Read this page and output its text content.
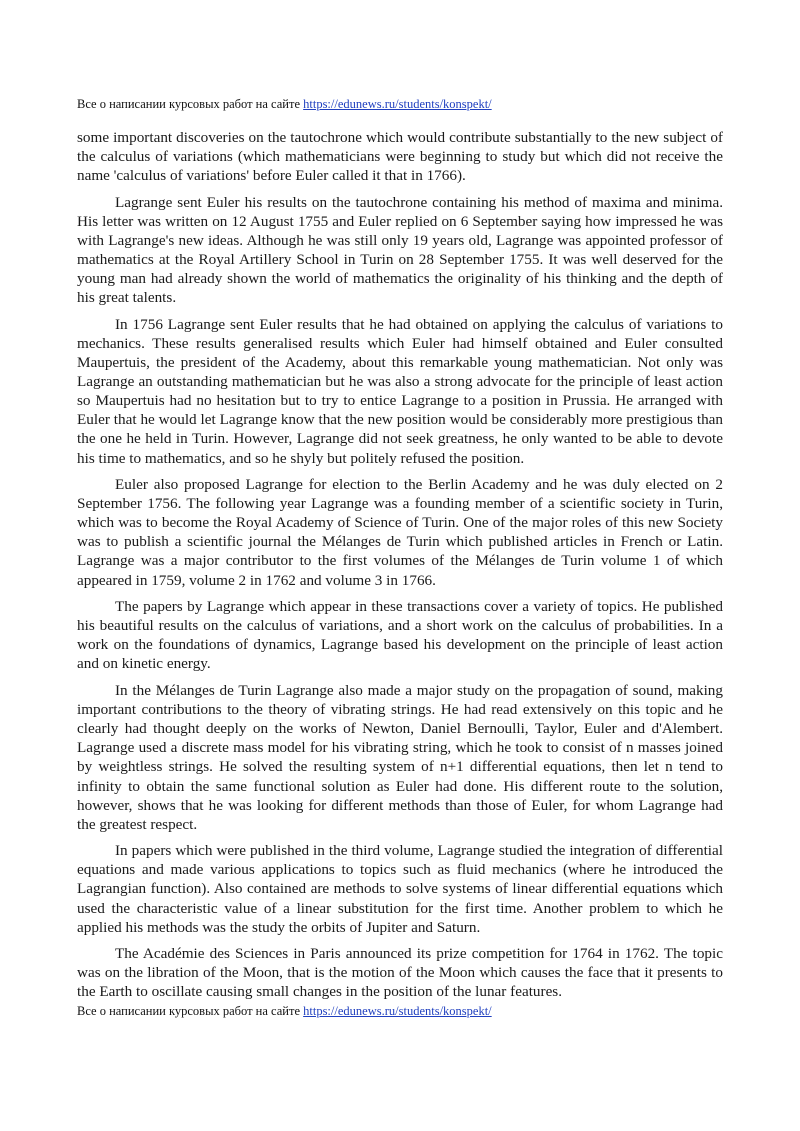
Все о написании курсовых работ на сайте https://edunews.ru/students/konspekt/

some important discoveries on the tautochrone which would contribute substantially to the new subject of the calculus of variations (which mathematicians were beginning to study but which did not receive the name 'calculus of variations' before Euler called it that in 1766).

Lagrange sent Euler his results on the tautochrone containing his method of maxima and minima. His letter was written on 12 August 1755 and Euler replied on 6 September saying how impressed he was with Lagrange's new ideas. Although he was still only 19 years old, Lagrange was appointed professor of mathematics at the Royal Artillery School in Turin on 28 September 1755. It was well deserved for the young man had already shown the world of mathematics the originality of his thinking and the depth of his great talents.

In 1756 Lagrange sent Euler results that he had obtained on applying the calculus of variations to mechanics. These results generalised results which Euler had himself obtained and Euler consulted Maupertuis, the president of the Academy, about this remarkable young mathematician. Not only was Lagrange an outstanding mathematician but he was also a strong advocate for the principle of least action so Maupertuis had no hesitation but to try to entice Lagrange to a position in Prussia. He arranged with Euler that he would let Lagrange know that the new position would be considerably more prestigious than the one he held in Turin. However, Lagrange did not seek greatness, he only wanted to be able to devote his time to mathematics, and so he shyly but politely refused the position.

Euler also proposed Lagrange for election to the Berlin Academy and he was duly elected on 2 September 1756. The following year Lagrange was a founding member of a scientific society in Turin, which was to become the Royal Academy of Science of Turin. One of the major roles of this new Society was to publish a scientific journal the Mélanges de Turin which published articles in French or Latin. Lagrange was a major contributor to the first volumes of the Mélanges de Turin volume 1 of which appeared in 1759, volume 2 in 1762 and volume 3 in 1766.

The papers by Lagrange which appear in these transactions cover a variety of topics. He published his beautiful results on the calculus of variations, and a short work on the calculus of probabilities. In a work on the foundations of dynamics, Lagrange based his development on the principle of least action and on kinetic energy.

In the Mélanges de Turin Lagrange also made a major study on the propagation of sound, making important contributions to the theory of vibrating strings. He had read extensively on this topic and he clearly had thought deeply on the works of Newton, Daniel Bernoulli, Taylor, Euler and d'Alembert. Lagrange used a discrete mass model for his vibrating string, which he took to consist of n masses joined by weightless strings. He solved the resulting system of n+1 differential equations, then let n tend to infinity to obtain the same functional solution as Euler had done. His different route to the solution, however, shows that he was looking for different methods than those of Euler, for whom Lagrange had the greatest respect.

In papers which were published in the third volume, Lagrange studied the integration of differential equations and made various applications to topics such as fluid mechanics (where he introduced the Lagrangian function). Also contained are methods to solve systems of linear differential equations which used the characteristic value of a linear substitution for the first time. Another problem to which he applied his methods was the study the orbits of Jupiter and Saturn.

The Académie des Sciences in Paris announced its prize competition for 1764 in 1762. The topic was on the libration of the Moon, that is the motion of the Moon which causes the face that it presents to the Earth to oscillate causing small changes in the position of the lunar features.

Все о написании курсовых работ на сайте https://edunews.ru/students/konspekt/
